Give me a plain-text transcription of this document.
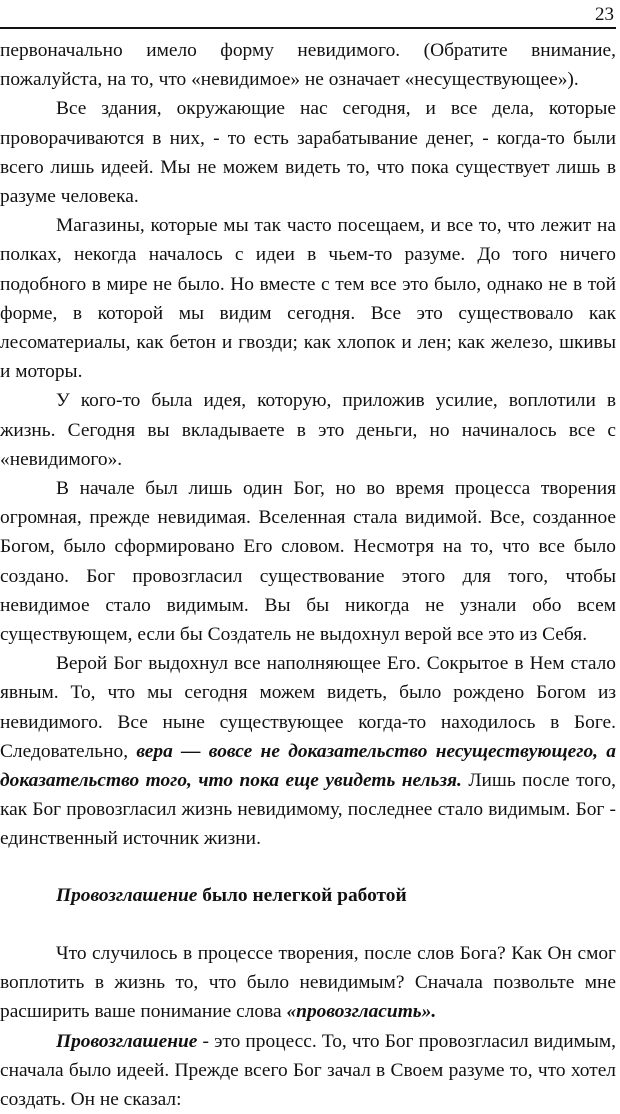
23

первоначально имело форму невидимого. (Обратите внимание, пожалуйста, на то, что «невидимое» не означает «несуществующее»).

Все здания, окружающие нас сегодня, и все дела, которые проворачиваются в них, - то есть зарабатывание денег, - когда-то были всего лишь идеей. Мы не можем видеть то, что пока существует лишь в разуме человека.

Магазины, которые мы так часто посещаем, и все то, что лежит на полках, некогда началось с идеи в чьем-то разуме. До того ничего подобного в мире не было. Но вместе с тем все это было, однако не в той форме, в которой мы видим сегодня. Все это существовало как лесоматериалы, как бетон и гвозди; как хлопок и лен; как железо, шкивы и моторы.

У кого-то была идея, которую, приложив усилие, воплотили в жизнь. Сегодня вы вкладываете в это деньги, но начиналось все с «невидимого».

В начале был лишь один Бог, но во время процесса творения огромная, прежде невидимая. Вселенная стала видимой. Все, созданное Богом, было сформировано Его словом. Несмотря на то, что все было создано. Бог провозгласил существование этого для того, чтобы невидимое стало видимым. Вы бы никогда не узнали обо всем существующем, если бы Создатель не выдохнул верой все это из Себя.

Верой Бог выдохнул все наполняющее Его. Сокрытое в Нем стало явным. То, что мы сегодня можем видеть, было рождено Богом из невидимого. Все ныне существующее когда-то находилось в Боге. Следовательно, вера — вовсе не доказательство несуществующего, а доказательство того, что пока еще увидеть нельзя. Лишь после того, как Бог провозгласил жизнь невидимому, последнее стало видимым. Бог - единственный источник жизни.

Провозглашение было нелегкой работой

Что случилось в процессе творения, после слов Бога? Как Он смог воплотить в жизнь то, что было невидимым? Сначала позвольте мне расширить ваше понимание слова «провозгласить».

Провозглашение - это процесс. То, что Бог провозгласил видимым, сначала было идеей. Прежде всего Бог зачал в Своем разуме то, что хотел создать. Он не сказал:
